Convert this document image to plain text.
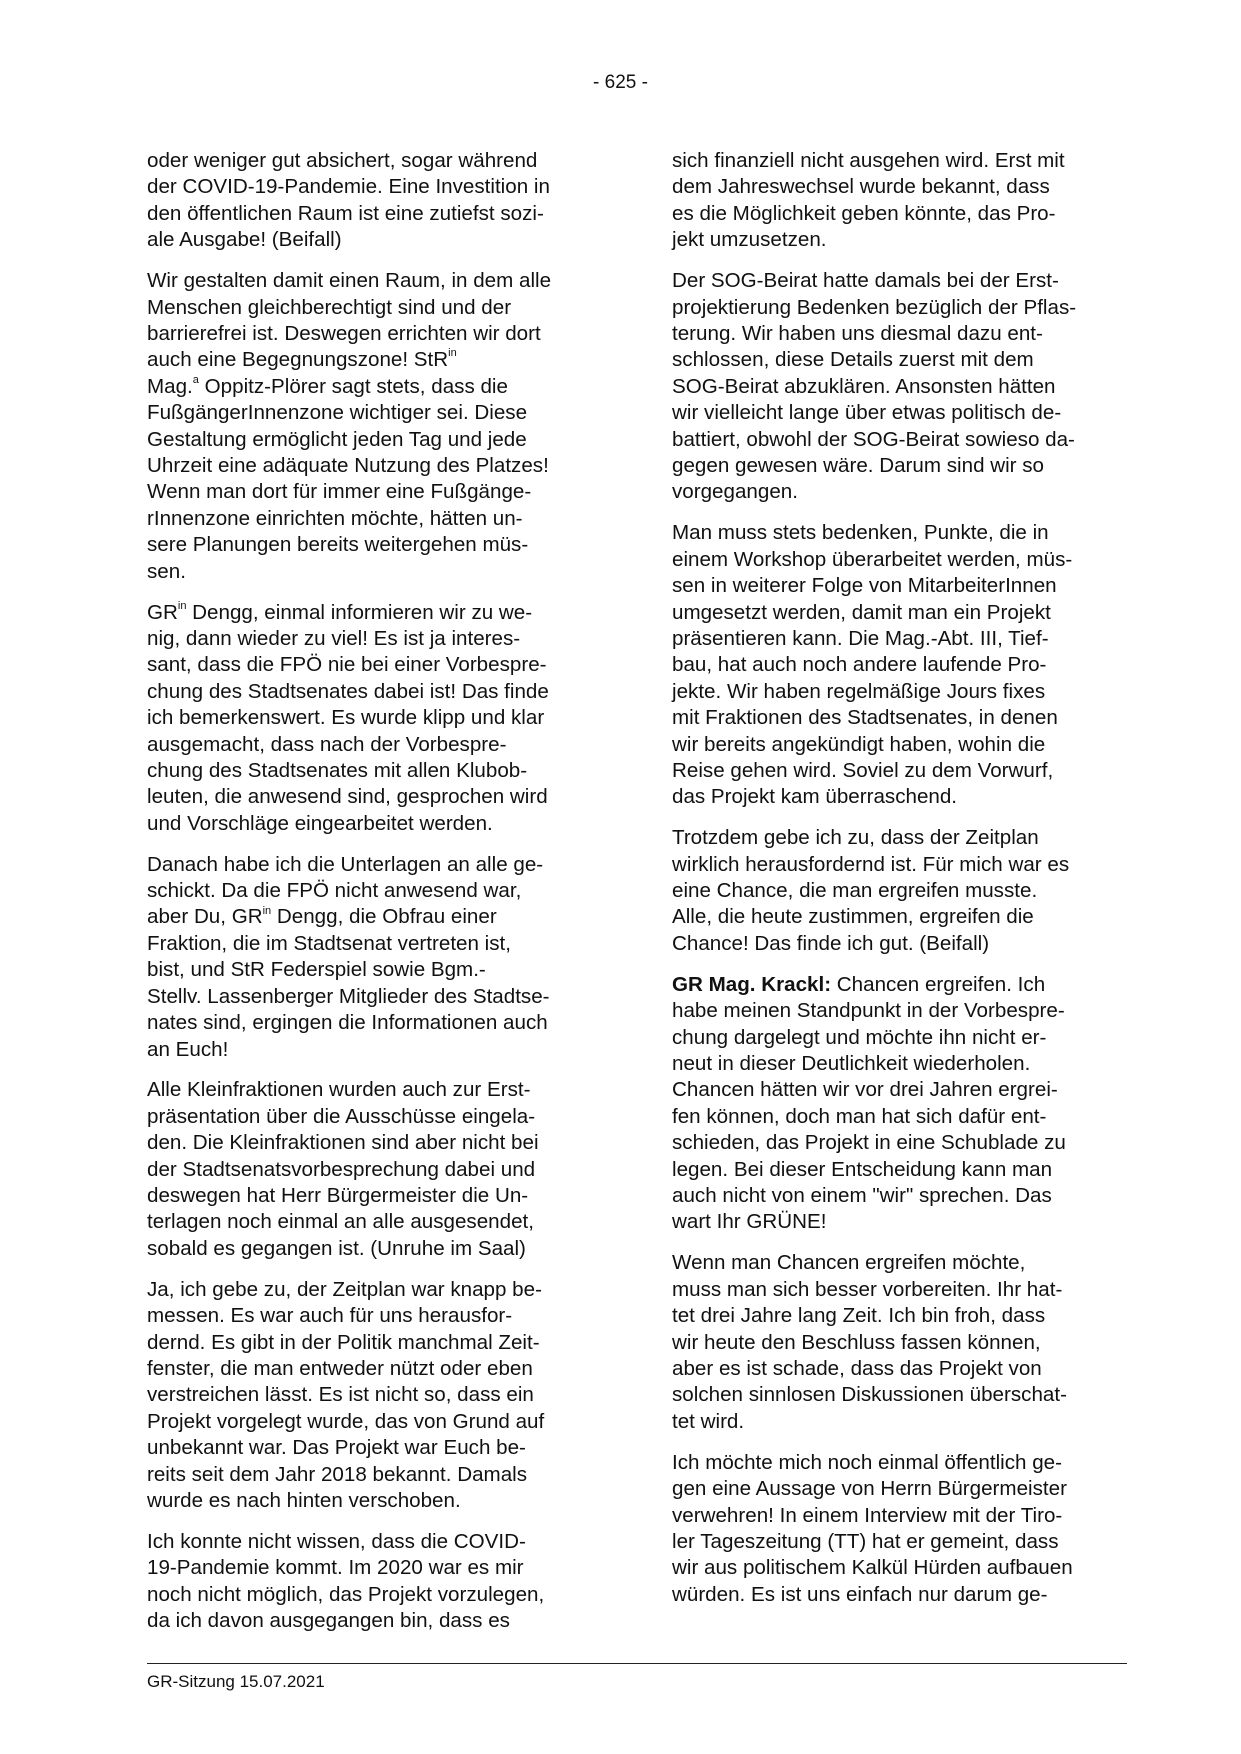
- 625 -

oder weniger gut absichert, sogar während
der COVID-19-Pandemie. Eine Investition in
den öffentlichen Raum ist eine zutiefst sozi-
ale Ausgabe! (Beifall)

Wir gestalten damit einen Raum, in dem alle
Menschen gleichberechtigt sind und der
barrierefrei ist. Deswegen errichten wir dort
auch eine Begegnungszone! StR$^{in}$
Mag.$^a$ Oppitz-Plörer sagt stets, dass die
FußgängerInnenzone wichtiger sei. Diese
Gestaltung ermöglicht jeden Tag und jede
Uhrzeit eine adäquate Nutzung des Platzes!
Wenn man dort für immer eine Fußgänge-
rInnenzone einrichten möchte, hätten un-
sere Planungen bereits weitergehen müs-
sen.

$GR^{in}$ Dengg, einmal informieren wir zu we-
nig, dann wieder zu viel! Es ist ja interes-
sant, dass die FPÖ nie bei einer Vorbespre-
chung des Stadtsenates dabei ist! Das finde
ich bemerkenswert. Es wurde klipp und klar
ausgemacht, dass nach der Vorbespre-
chung des Stadtsenates mit allen Klubob-
leuten, die anwesend sind, gesprochen wird
und Vorschläge eingearbeitet werden.

Danach habe ich die Unterlagen an alle ge-
schickt. Da die FPÖ nicht anwesend war,
aber Du, $GR^{in}$ Dengg, die Obfrau einer
Fraktion, die im Stadtsenat vertreten ist,
bist, und StR Federspiel sowie Bgm.-
Stellv. Lassenberger Mitglieder des Stadtse-
nates sind, ergingen die Informationen auch
an Euch!

Alle Kleinfraktionen wurden auch zur Erst-
präsentation über die Ausschüsse eingela-
den. Die Kleinfraktionen sind aber nicht bei
der Stadtsenatsvorbesprechung dabei und
deswegen hat Herr Bürgermeister die Un-
terlagen noch einmal an alle ausgesendet,
sobald es gegangen ist. (Unruhe im Saal)

Ja, ich gebe zu, der Zeitplan war knapp be-
messen. Es war auch für uns herausfor-
dernd. Es gibt in der Politik manchmal Zeit-
fenster, die man entweder nützt oder eben
verstreichen lässt. Es ist nicht so, dass ein
Projekt vorgelegt wurde, das von Grund auf
unbekannt war. Das Projekt war Euch be-
reits seit dem Jahr 2018 bekannt. Damals
wurde es nach hinten verschoben.

Ich konnte nicht wissen, dass die COVID-
19-Pandemie kommt. Im 2020 war es mir
noch nicht möglich, das Projekt vorzulegen,
da ich davon ausgegangen bin, dass es

sich finanziell nicht ausgehen wird. Erst mit
dem Jahreswechsel wurde bekannt, dass
es die Möglichkeit geben könnte, das Pro-
jekt umzusetzen.

Der SOG-Beirat hatte damals bei der Erst-
projektierung Bedenken bezüglich der Pflas-
terung. Wir haben uns diesmal dazu ent-
schlossen, diese Details zuerst mit dem
SOG-Beirat abzuklären. Ansonsten hätten
wir vielleicht lange über etwas politisch de-
battiert, obwohl der SOG-Beirat sowieso da-
gegen gewesen wäre. Darum sind wir so
vorgegangen.

Man muss stets bedenken, Punkte, die in
einem Workshop überarbeitet werden, müs-
sen in weiterer Folge von MitarbeiterInnen
umgesetzt werden, damit man ein Projekt
präsentieren kann. Die Mag.-Abt. III, Tief-
bau, hat auch noch andere laufende Pro-
jekte. Wir haben regelmäßige Jours fixes
mit Fraktionen des Stadtsenates, in denen
wir bereits angekündigt haben, wohin die
Reise gehen wird. Soviel zu dem Vorwurf,
das Projekt kam überraschend.

Trotzdem gebe ich zu, dass der Zeitplan
wirklich herausfordernd ist. Für mich war es
eine Chance, die man ergreifen musste.
Alle, die heute zustimmen, ergreifen die
Chance! Das finde ich gut. (Beifall)

GR Mag. Krackl: Chancen ergreifen. Ich
habe meinen Standpunkt in der Vorbespre-
chung dargelegt und möchte ihn nicht er-
neut in dieser Deutlichkeit wiederholen.
Chancen hätten wir vor drei Jahren ergrei-
fen können, doch man hat sich dafür ent-
schieden, das Projekt in eine Schublade zu
legen. Bei dieser Entscheidung kann man
auch nicht von einem "wir" sprechen. Das
wart Ihr GRÜNE!

Wenn man Chancen ergreifen möchte,
muss man sich besser vorbereiten. Ihr hat-
tet drei Jahre lang Zeit. Ich bin froh, dass
wir heute den Beschluss fassen können,
aber es ist schade, dass das Projekt von
solchen sinnlosen Diskussionen überschat-
tet wird.

Ich möchte mich noch einmal öffentlich ge-
gen eine Aussage von Herrn Bürgermeister
verwehren! In einem Interview mit der Tiro-
ler Tageszeitung (TT) hat er gemeint, dass
wir aus politischem Kalkül Hürden aufbauen
würden. Es ist uns einfach nur darum ge-

GR-Sitzung 15.07.2021
